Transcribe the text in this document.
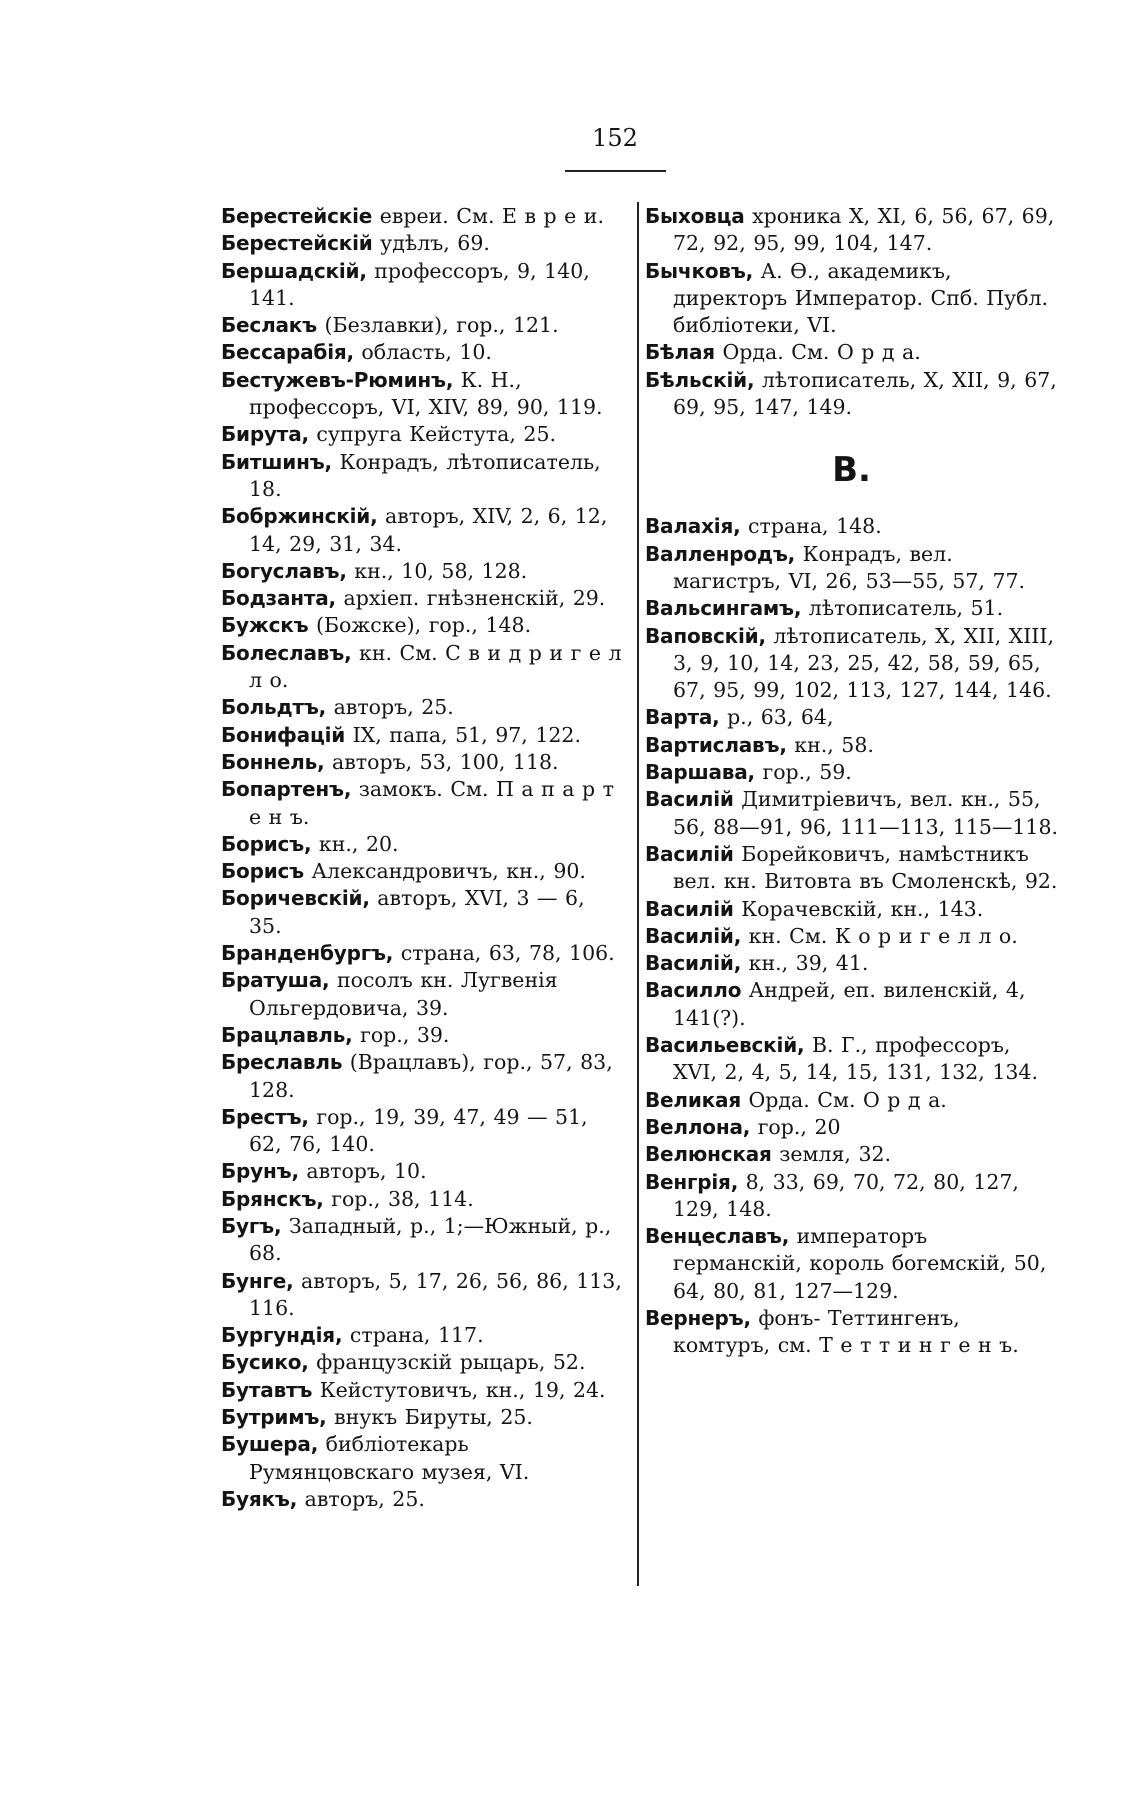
152
Берестейскіе евреи. См. Е в р е и.
Берестейскій удѣлъ, 69.
Бершадскій, профессоръ, 9, 140, 141.
Беслакъ (Безлавки), гор., 121.
Бессарабія, область, 10.
Бестужевъ-Рюминъ, К. Н., профессоръ, VI, XIV, 89, 90, 119.
Бирута, супруга Кейстута, 25.
Битшинъ, Конрадъ, лѣтописатель, 18.
Бобржинскій, авторъ, XIV, 2, 6, 12, 14, 29, 31, 34.
Богуславъ, кн., 10, 58, 128.
Бодзанта, архіеп. гнѣзненскій, 29.
Бужскъ (Божске), гор., 148.
Болеславъ, кн. См. С в и д р и г е л л о.
Больдтъ, авторъ, 25.
Бонифацій IX, папа, 51, 97, 122.
Боннель, авторъ, 53, 100, 118.
Бопартенъ, замокъ. См. П а п а р т е н ъ.
Борисъ, кн., 20.
Борисъ Александровичъ, кн., 90.
Боричевскій, авторъ, XVI, 3 — 6, 35.
Бранденбургъ, страна, 63, 78, 106.
Братуша, посолъ кн. Лугвенія Ольгердовича, 39.
Брацлавль, гор., 39.
Бреславль (Врацлавъ), гор., 57, 83, 128.
Брестъ, гор., 19, 39, 47, 49 — 51, 62, 76, 140.
Брунъ, авторъ, 10.
Брянскъ, гор., 38, 114.
Бугъ, Западный, р., 1;—Южный, р., 68.
Бунге, авторъ, 5, 17, 26, 56, 86, 113, 116.
Бургундія, страна, 117.
Бусико, французскій рыцарь, 52.
Бутавтъ Кейстутовичъ, кн., 19, 24.
Бутримъ, внукъ Бируты, 25.
Бушера, библіотекарь Румянцовскаго музея, VI.
Буякъ, авторъ, 25.
Быховца хроника X, XI, 6, 56, 67, 69, 72, 92, 95, 99, 104, 147.
Бычковъ, А. Ѳ., академикъ, директоръ Император. Спб. Публ. библіотеки, VI.
Бѣлая Орда. См. О р д а.
Бѣльскій, лѣтописатель, X, XII, 9, 67, 69, 95, 147, 149.
В.
Валахія, страна, 148.
Валленродъ, Конрадъ, вел. магистръ, VI, 26, 53—55, 57, 77.
Вальсингамъ, лѣтописатель, 51.
Ваповскій, лѣтописатель, X, XII, XIII, 3, 9, 10, 14, 23, 25, 42, 58, 59, 65, 67, 95, 99, 102, 113, 127, 144, 146.
Варта, р., 63, 64,
Вартиславъ, кн., 58.
Варшава, гор., 59.
Василій Димитріевичъ, вел. кн., 55, 56, 88—91, 96, 111—113, 115—118.
Василій Борейковичъ, намѣстникъ вел. кн. Витовта въ Смоленскѣ, 92.
Василій Корачевскій, кн., 143.
Василій, кн. См. К о р и г е л л о.
Василій, кн., 39, 41.
Василло Андрей, еп. виленскій, 4, 141(?).
Васильевскій, В. Г., профессоръ, XVI, 2, 4, 5, 14, 15, 131, 132, 134.
Великая Орда. См. О р д а.
Веллона, гор., 20
Велюнская земля, 32.
Венгрія, 8, 33, 69, 70, 72, 80, 127, 129, 148.
Венцеславъ, императоръ германскій, король богемскій, 50, 64, 80, 81, 127—129.
Вернеръ, фонъ- Теттингенъ, комтуръ, см. Т е т т и н г е н ъ.
